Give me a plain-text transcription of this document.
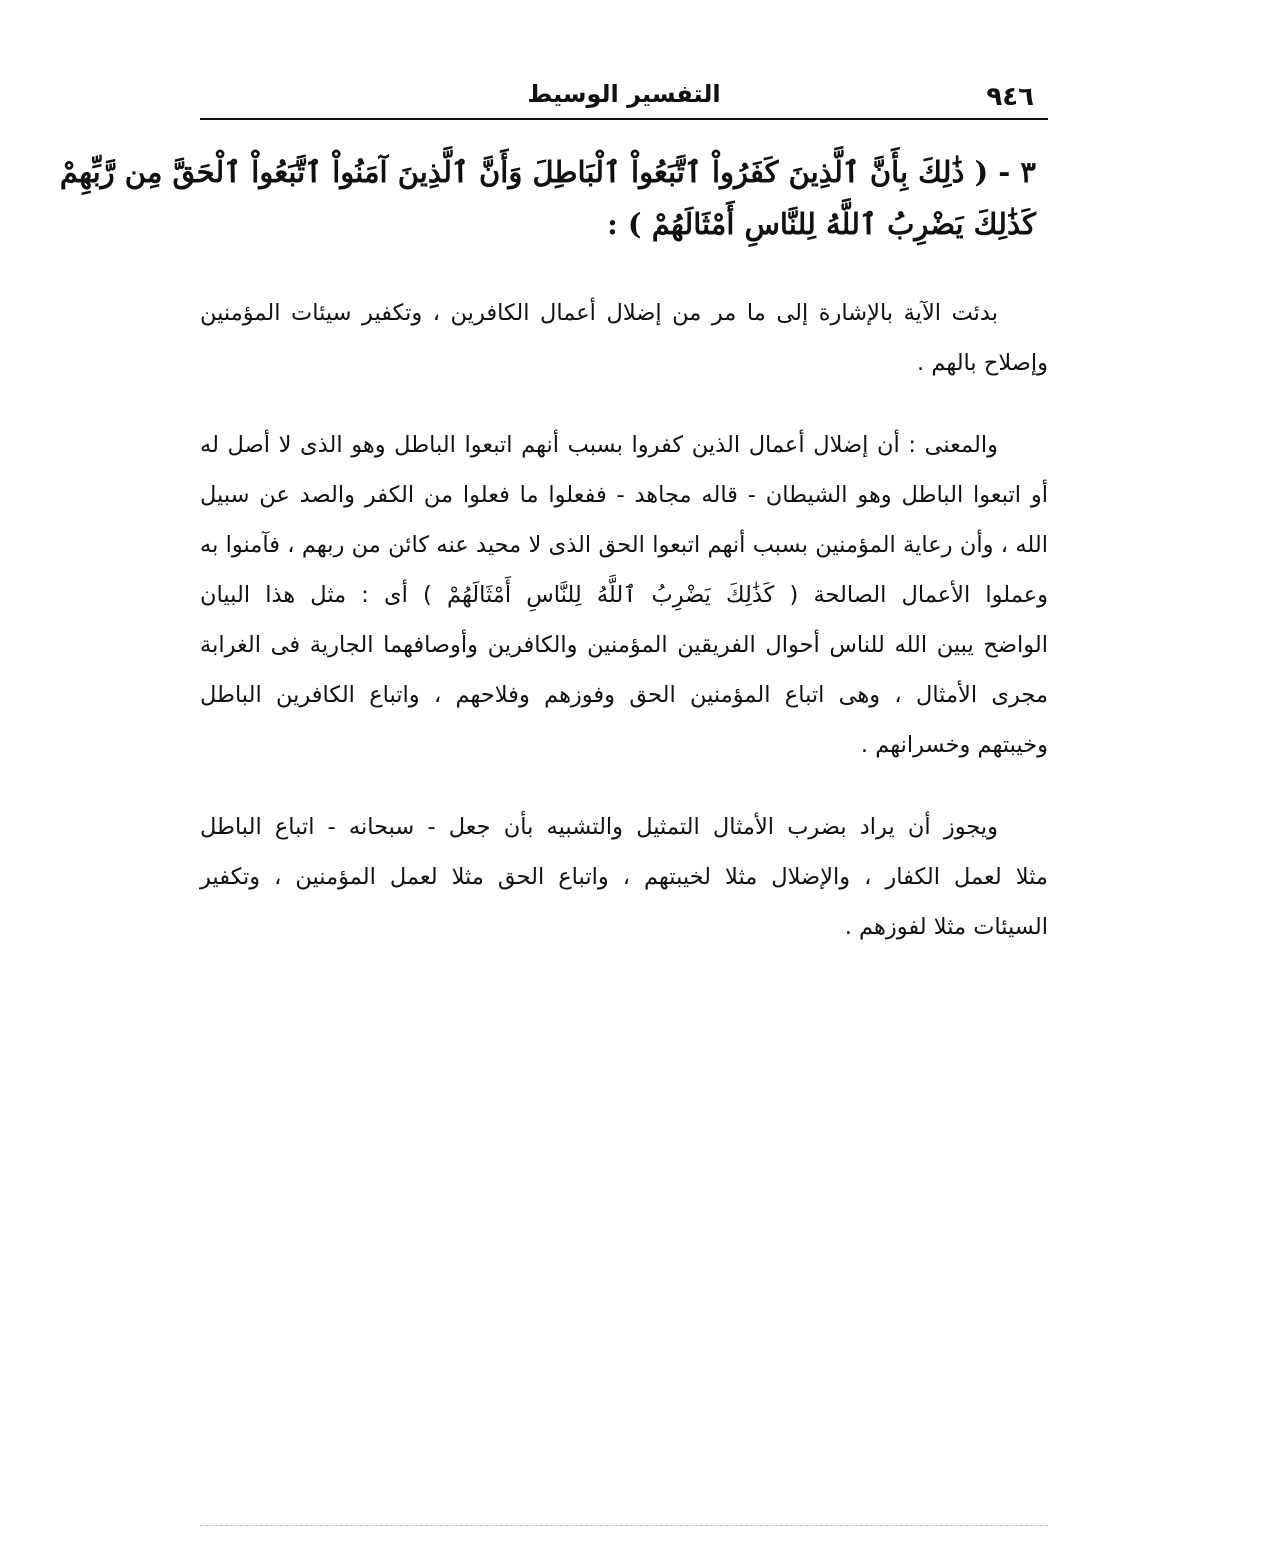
٩٤٦
التفسير الوسيط
٣ - ( ذَٰلِكَ بِأَنَّ ٱلَّذِينَ كَفَرُواْ ٱتَّبَعُواْ ٱلْبَاطِلَ وَأَنَّ ٱلَّذِينَ آمَنُواْ ٱتَّبَعُواْ ٱلْحَقَّ مِن رَّبِّهِمْ
كَذَٰلِكَ يَضْرِبُ ٱللَّهُ لِلنَّاسِ أَمْثَالَهُمْ ) :
بدئت الآية بالإشارة إلى ما مر من إضلال أعمال الكافرين ، وتكفير سيئات المؤمنين
وإصلاح بالهم .
والمعنى : أن إضلال أعمال الذين كفروا بسبب أنهم اتبعوا الباطل وهو الذى لا أصل له
أو اتبعوا الباطل وهو الشيطان - قاله مجاهد - ففعلوا ما فعلوا من الكفر والصد عن سبيل
الله ، وأن رعاية المؤمنين بسبب أنهم اتبعوا الحق الذى لا محيد عنه كائن من ربهم ، فآمنوا به
وعملوا الأعمال الصالحة ( كَذَٰلِكَ يَضْرِبُ ٱللَّهُ لِلنَّاسِ أَمْثَالَهُمْ ) أى : مثل هذا البيان
الواضح يبين الله للناس أحوال الفريقين المؤمنين والكافرين وأوصافهما الجارية فى الغرابة
مجرى الأمثال ، وهى اتباع المؤمنين الحق وفوزهم وفلاحهم ، واتباع الكافرين الباطل
وخيبتهم وخسرانهم .
ويجوز أن يراد بضرب الأمثال التمثيل والتشبيه بأن جعل - سبحانه - اتباع الباطل
مثلا لعمل الكفار ، والإضلال مثلا لخيبتهم ، واتباع الحق مثلا لعمل المؤمنين ، وتكفير
السيئات مثلا لفوزهم .
